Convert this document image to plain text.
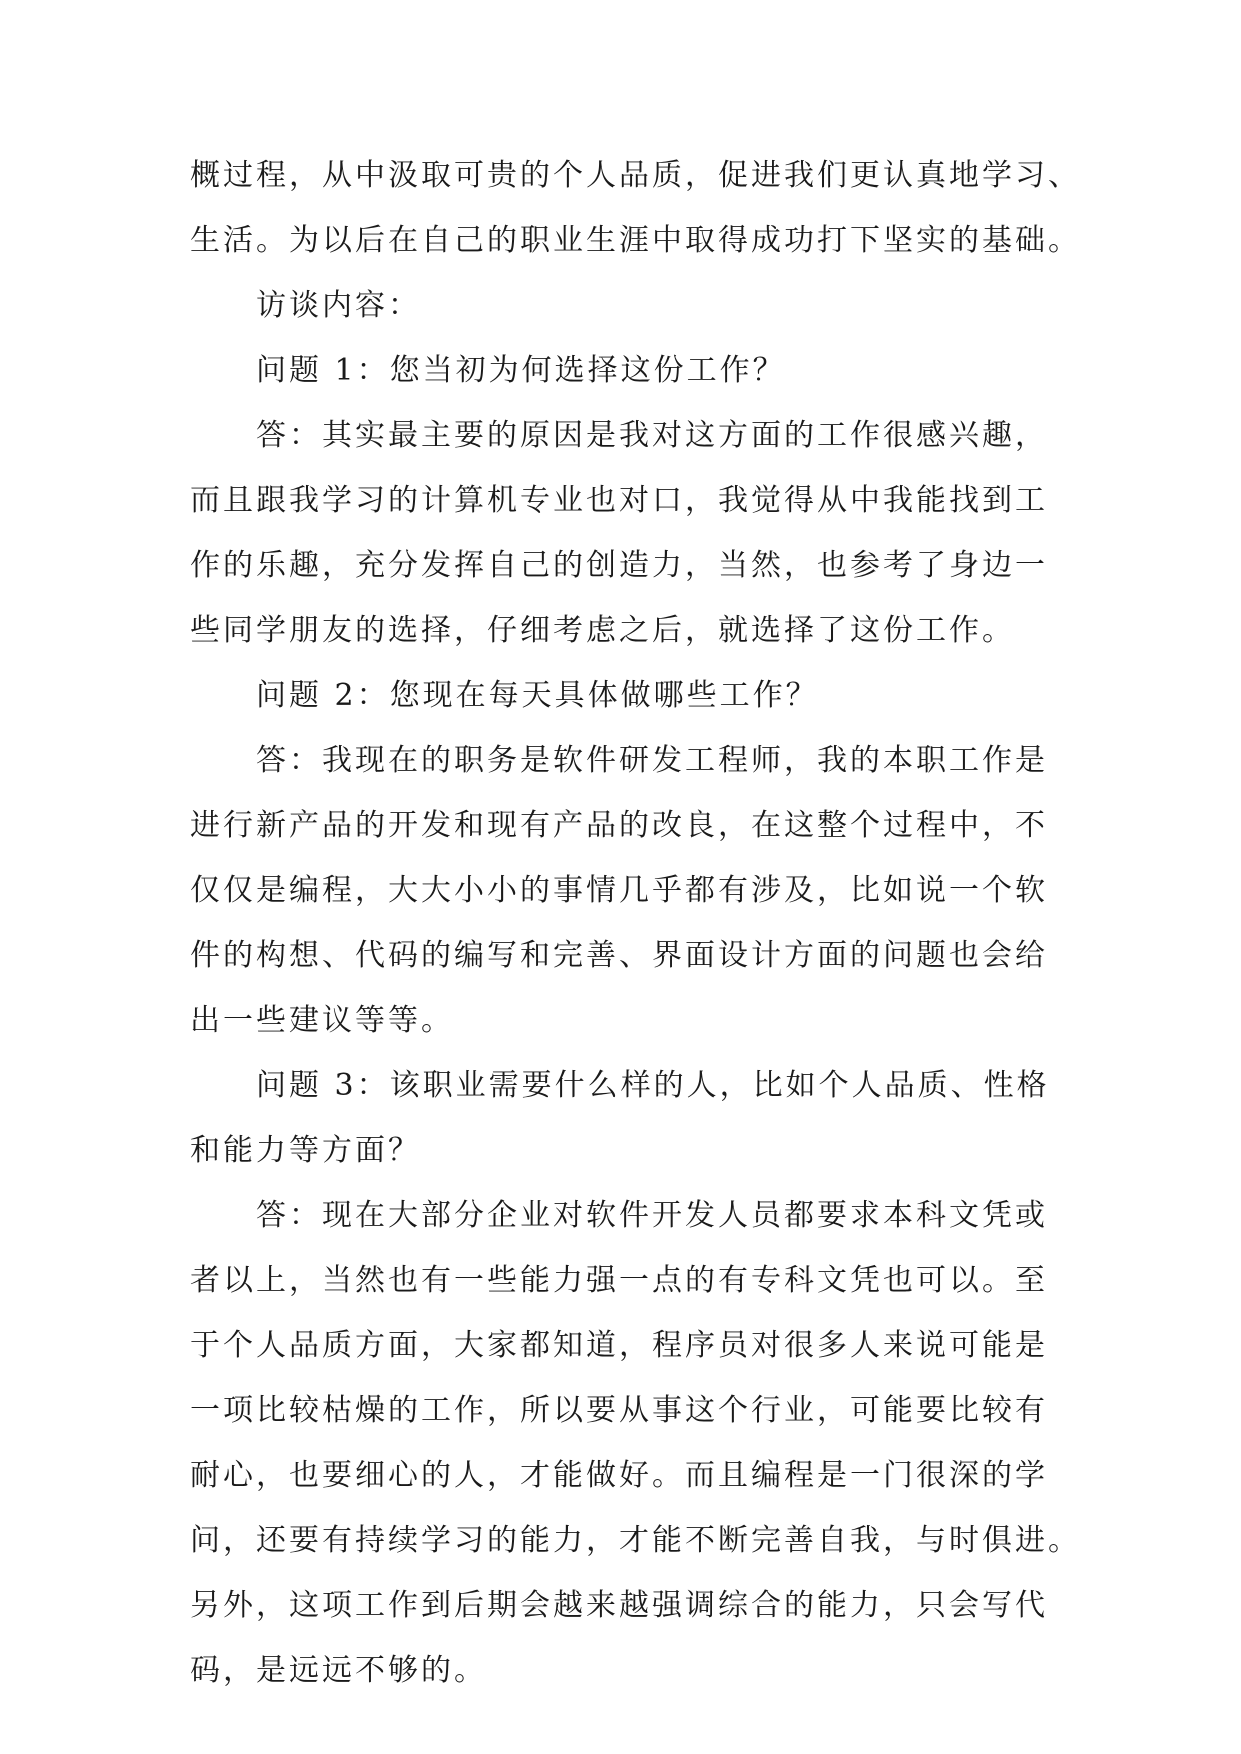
概过程，从中汲取可贵的个人品质，促进我们更认真地学习、
生活。为以后在自己的职业生涯中取得成功打下坚实的基础。
访谈内容：
问题 1：您当初为何选择这份工作？
答：其实最主要的原因是我对这方面的工作很感兴趣，
而且跟我学习的计算机专业也对口，我觉得从中我能找到工
作的乐趣，充分发挥自己的创造力，当然，也参考了身边一
些同学朋友的选择，仔细考虑之后，就选择了这份工作。
问题 2：您现在每天具体做哪些工作？
答：我现在的职务是软件研发工程师，我的本职工作是
进行新产品的开发和现有产品的改良，在这整个过程中，不
仅仅是编程，大大小小的事情几乎都有涉及，比如说一个软
件的构想、代码的编写和完善、界面设计方面的问题也会给
出一些建议等等。
问题 3：该职业需要什么样的人，比如个人品质、性格
和能力等方面？
答：现在大部分企业对软件开发人员都要求本科文凭或
者以上，当然也有一些能力强一点的有专科文凭也可以。至
于个人品质方面，大家都知道，程序员对很多人来说可能是
一项比较枯燥的工作，所以要从事这个行业，可能要比较有
耐心，也要细心的人，才能做好。而且编程是一门很深的学
问，还要有持续学习的能力，才能不断完善自我，与时俱进。
另外，这项工作到后期会越来越强调综合的能力，只会写代
码，是远远不够的。
